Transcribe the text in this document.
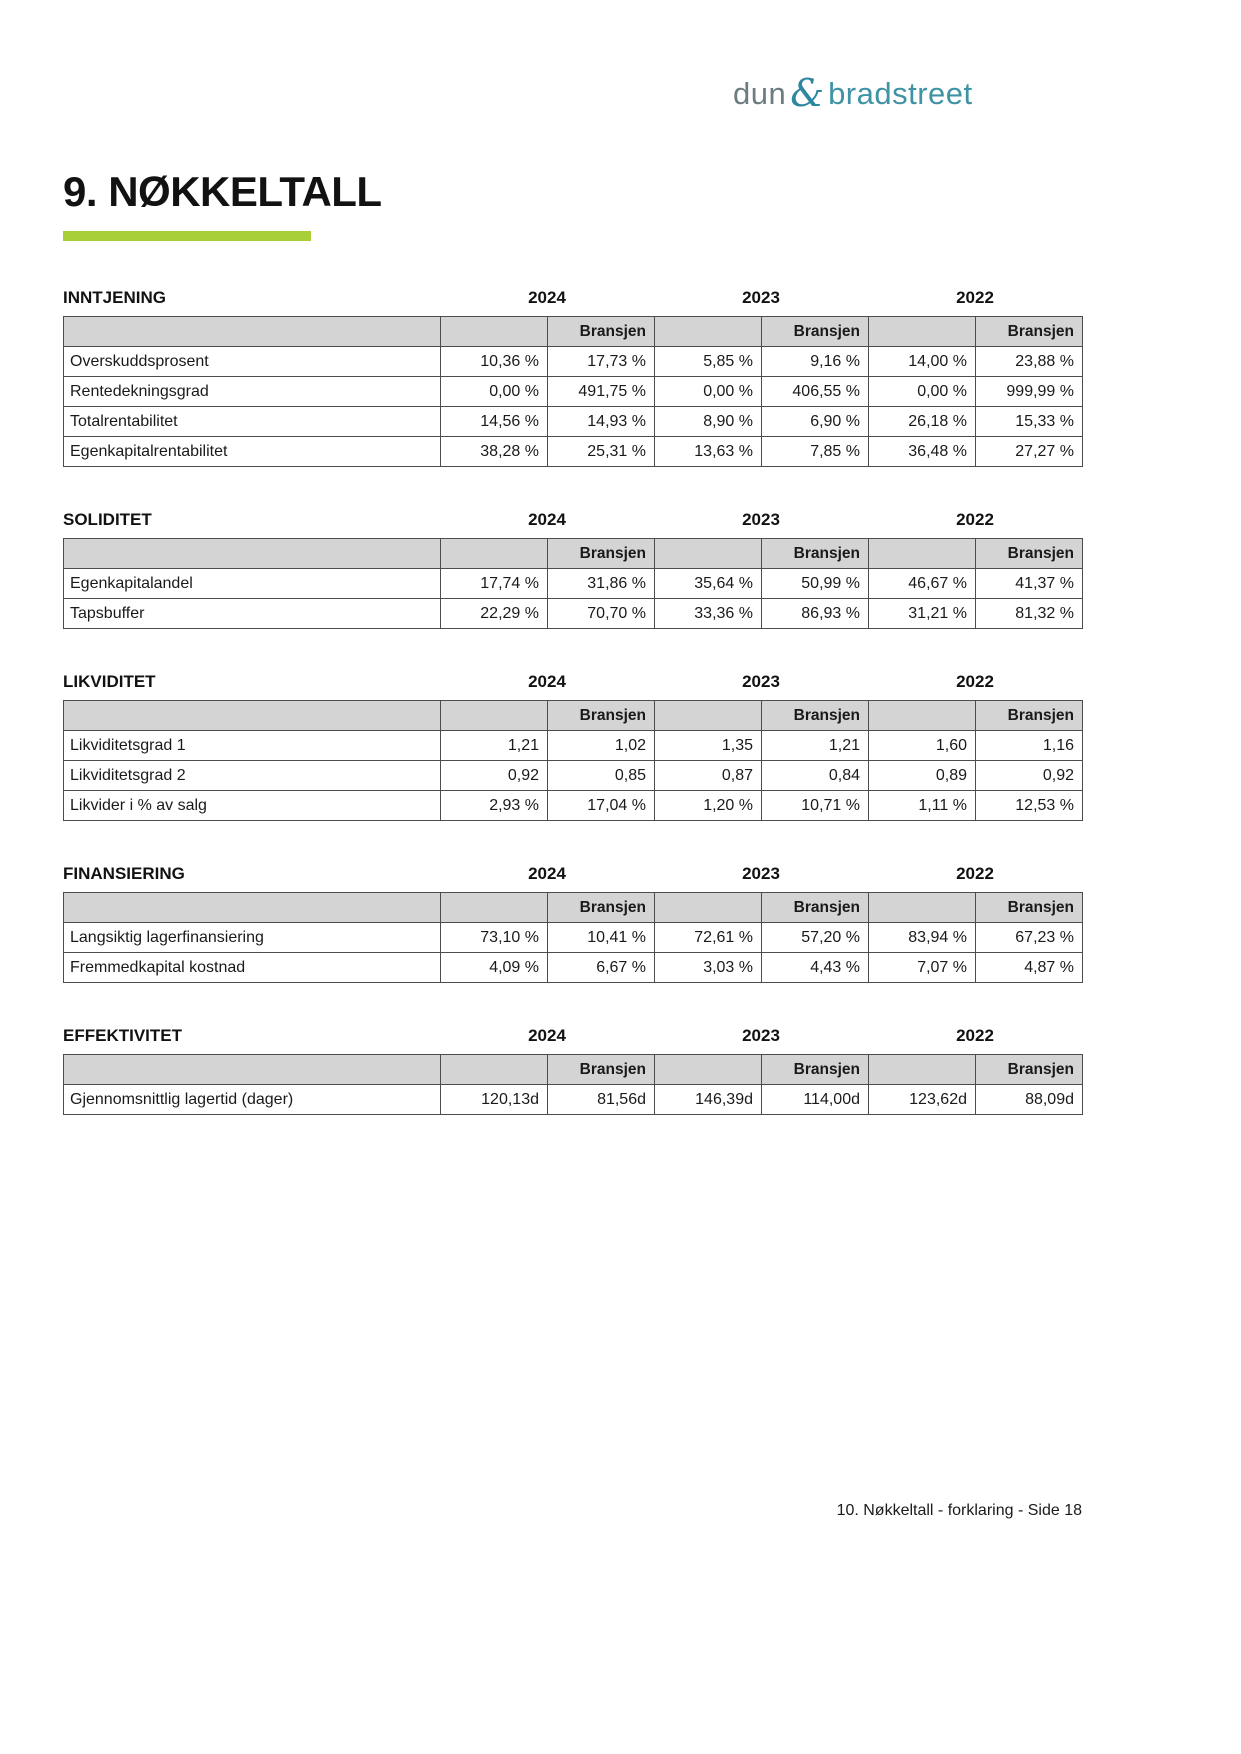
dun & bradstreet
9. NØKKELTALL
INNTJENING	2024	2023	2022
		Bransjen		Bransjen		Bransjen
Overskuddsprosent	10,36 %	17,73 %	5,85 %	9,16 %	14,00 %	23,88 %
Rentedekningsgrad	0,00 %	491,75 %	0,00 %	406,55 %	0,00 %	999,99 %
Totalrentabilitet	14,56 %	14,93 %	8,90 %	6,90 %	26,18 %	15,33 %
Egenkapitalrentabilitet	38,28 %	25,31 %	13,63 %	7,85 %	36,48 %	27,27 %
SOLIDITET	2024	2023	2022
		Bransjen		Bransjen		Bransjen
Egenkapitalandel	17,74 %	31,86 %	35,64 %	50,99 %	46,67 %	41,37 %
Tapsbuffer	22,29 %	70,70 %	33,36 %	86,93 %	31,21 %	81,32 %
LIKVIDITET	2024	2023	2022
		Bransjen		Bransjen		Bransjen
Likviditetsgrad 1	1,21	1,02	1,35	1,21	1,60	1,16
Likviditetsgrad 2	0,92	0,85	0,87	0,84	0,89	0,92
Likvider i % av salg	2,93 %	17,04 %	1,20 %	10,71 %	1,11 %	12,53 %
FINANSIERING	2024	2023	2022
		Bransjen		Bransjen		Bransjen
Langsiktig lagerfinansiering	73,10 %	10,41 %	72,61 %	57,20 %	83,94 %	67,23 %
Fremmedkapital kostnad	4,09 %	6,67 %	3,03 %	4,43 %	7,07 %	4,87 %
EFFEKTIVITET	2024	2023	2022
		Bransjen		Bransjen		Bransjen
Gjennomsnittlig lagertid (dager)	120,13d	81,56d	146,39d	114,00d	123,62d	88,09d
10. Nøkkeltall - forklaring - Side 18
